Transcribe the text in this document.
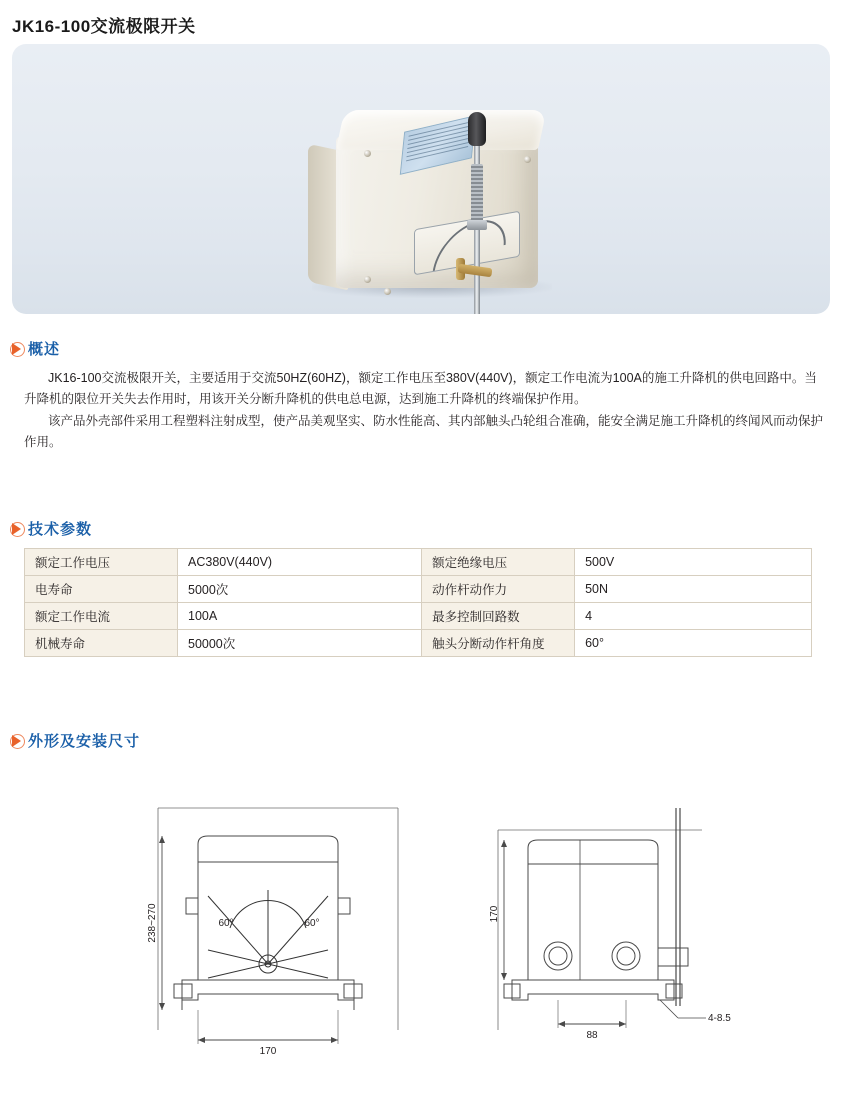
JK16-100交流极限开关
概述

JK16-100交流极限开关，主要适用于交流50HZ(60HZ)，额定工作电压至380V(440V)，额定工作电流为100A的施工升降机的供电回路中。当升降机的限位开关失去作用时，用该开关分断升降机的供电总电源，达到施工升降机的终端保护作用。

该产品外壳部件采用工程塑料注射成型，使产品美观坚实、防水性能高、其内部触头凸轮组合准确，能安全满足施工升降机的终闻风而动保护作用。

技术参数
额定工作电压	AC380V(440V)	额定绝缘电压	500V
电寿命	5000次	动作杆动作力	50N
额定工作电流	100A	最多控制回路数	4
机械寿命	50000次	触头分断动作杆角度	60°
外形及安装尺寸
238~270
170
60°	60°
170
88
4-8.5
